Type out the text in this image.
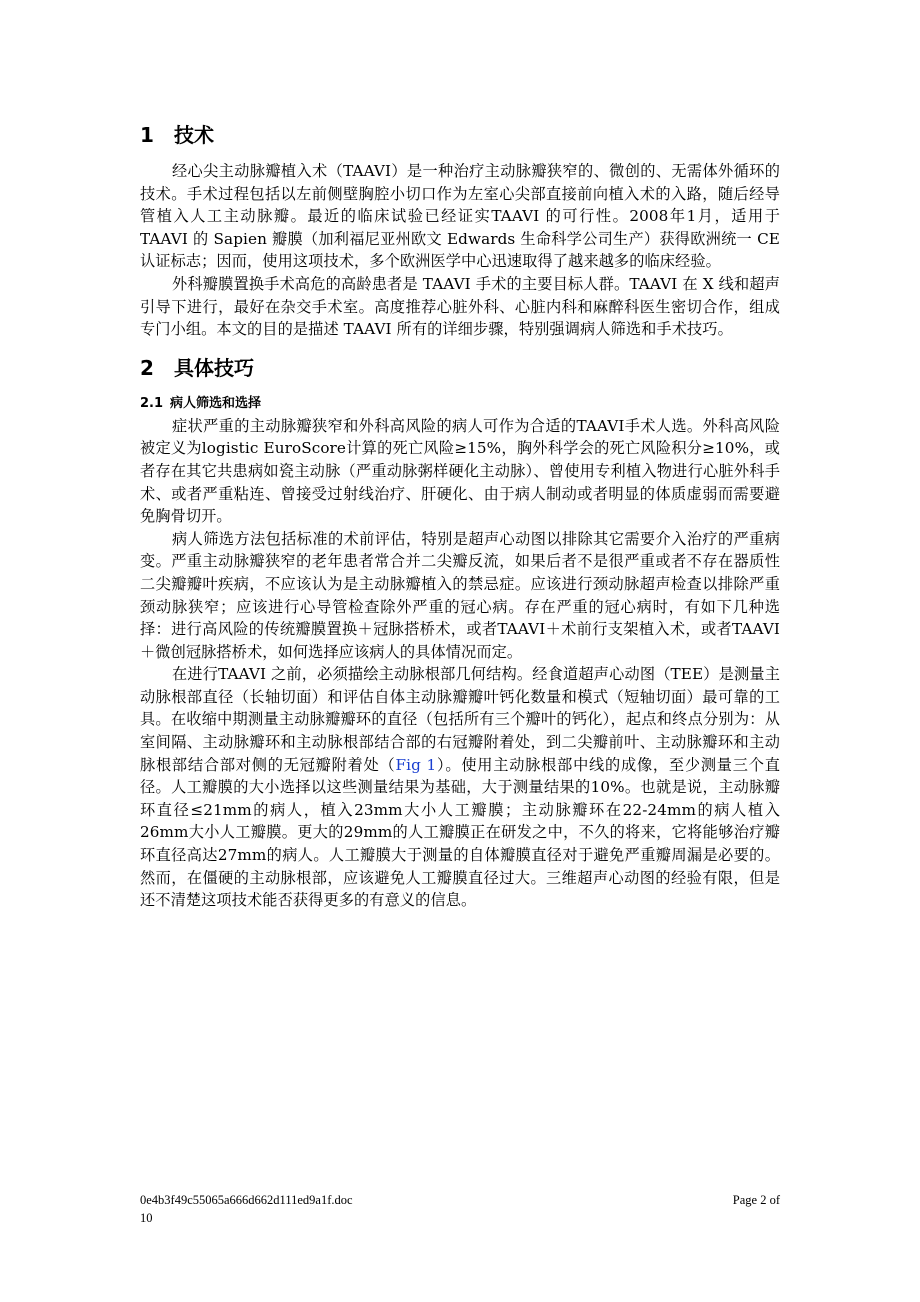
1 技术

经心尖主动脉瓣植入术（TAAVI）是一种治疗主动脉瓣狭窄的、微创的、无需体外循环的技术。手术过程包括以左前侧壁胸腔小切口作为左室心尖部直接前向植入术的入路，随后经导管植入人工主动脉瓣。最近的临床试验已经证实TAAVI 的可行性。2008年1月，适用于 TAAVI 的 Sapien 瓣膜（加利福尼亚州欧文 Edwards 生命科学公司生产）获得欧洲统一 CE 认证标志；因而，使用这项技术，多个欧洲医学中心迅速取得了越来越多的临床经验。

外科瓣膜置换手术高危的高龄患者是 TAAVI 手术的主要目标人群。TAAVI 在 X 线和超声引导下进行，最好在杂交手术室。高度推荐心脏外科、心脏内科和麻醉科医生密切合作，组成专门小组。本文的目的是描述 TAAVI 所有的详细步骤，特别强调病人筛选和手术技巧。

2 具体技巧
2.1 病人筛选和选择

症状严重的主动脉瓣狭窄和外科高风险的病人可作为合适的TAAVI手术人选。外科高风险被定义为logistic EuroScore计算的死亡风险≥15%，胸外科学会的死亡风险积分≥10%，或者存在其它共患病如瓷主动脉（严重动脉粥样硬化主动脉）、曾使用专利植入物进行心脏外科手术、或者严重粘连、曾接受过射线治疗、肝硬化、由于病人制动或者明显的体质虚弱而需要避免胸骨切开。

病人筛选方法包括标准的术前评估，特别是超声心动图以排除其它需要介入治疗的严重病变。严重主动脉瓣狭窄的老年患者常合并二尖瓣反流，如果后者不是很严重或者不存在器质性二尖瓣瓣叶疾病，不应该认为是主动脉瓣植入的禁忌症。应该进行颈动脉超声检查以排除严重颈动脉狭窄；应该进行心导管检查除外严重的冠心病。存在严重的冠心病时，有如下几种选择：进行高风险的传统瓣膜置换＋冠脉搭桥术，或者TAAVI＋术前行支架植入术，或者TAAVI＋微创冠脉搭桥术，如何选择应该病人的具体情况而定。

在进行TAAVI 之前，必须描绘主动脉根部几何结构。经食道超声心动图（TEE）是测量主动脉根部直径（长轴切面）和评估自体主动脉瓣瓣叶钙化数量和模式（短轴切面）最可靠的工具。在收缩中期测量主动脉瓣瓣环的直径（包括所有三个瓣叶的钙化），起点和终点分别为：从室间隔、主动脉瓣环和主动脉根部结合部的右冠瓣附着处，到二尖瓣前叶、主动脉瓣环和主动脉根部结合部对侧的无冠瓣附着处（Fig 1）。使用主动脉根部中线的成像，至少测量三个直径。人工瓣膜的大小选择以这些测量结果为基础，大于测量结果的10%。也就是说，主动脉瓣环直径≤21mm的病人，植入23mm大小人工瓣膜；主动脉瓣环在22-24mm的病人植入26mm大小人工瓣膜。更大的29mm的人工瓣膜正在研发之中，不久的将来，它将能够治疗瓣环直径高达27mm的病人。人工瓣膜大于测量的自体瓣膜直径对于避免严重瓣周漏是必要的。然而，在僵硬的主动脉根部，应该避免人工瓣膜直径过大。三维超声心动图的经验有限，但是还不清楚这项技术能否获得更多的有意义的信息。

0e4b3f49c55065a666d662d111ed9a1f.doc	Page 2 of
10
